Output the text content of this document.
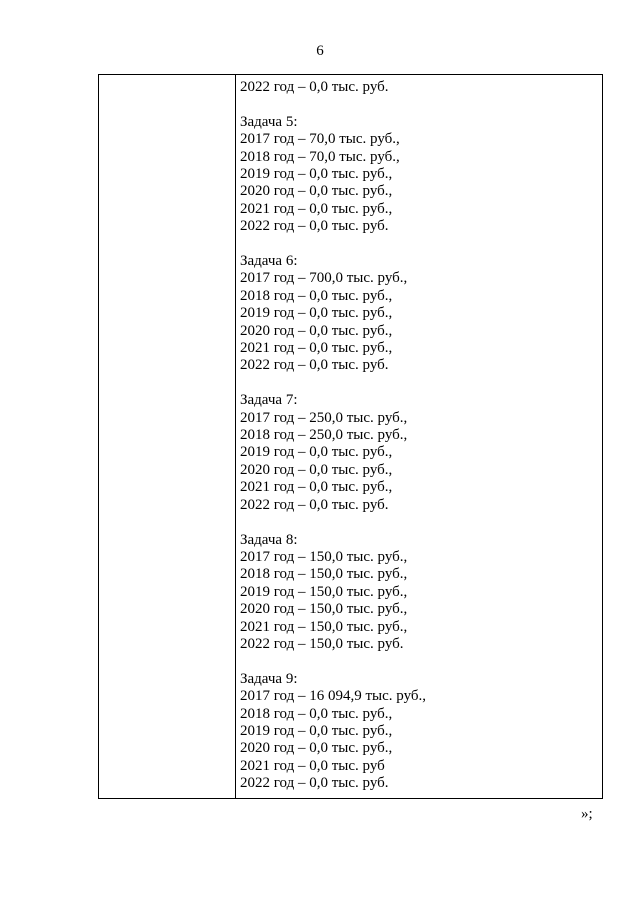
6
2022 год – 0,0 тыс. руб.
Задача 5:
2017 год – 70,0 тыс. руб.,
2018 год – 70,0 тыс. руб.,
2019 год – 0,0 тыс. руб.,
2020 год – 0,0 тыс. руб.,
2021 год – 0,0 тыс. руб.,
2022 год – 0,0 тыс. руб.
Задача 6:
2017 год – 700,0 тыс. руб.,
2018 год – 0,0 тыс. руб.,
2019 год – 0,0 тыс. руб.,
2020 год – 0,0 тыс. руб.,
2021 год – 0,0 тыс. руб.,
2022 год – 0,0 тыс. руб.
Задача 7:
2017 год – 250,0 тыс. руб.,
2018 год – 250,0 тыс. руб.,
2019 год – 0,0 тыс. руб.,
2020 год – 0,0 тыс. руб.,
2021 год – 0,0 тыс. руб.,
2022 год – 0,0 тыс. руб.
Задача 8:
2017 год – 150,0 тыс. руб.,
2018 год – 150,0 тыс. руб.,
2019 год – 150,0 тыс. руб.,
2020 год – 150,0 тыс. руб.,
2021 год – 150,0 тыс. руб.,
2022 год – 150,0 тыс. руб.
Задача 9:
2017 год – 16 094,9 тыс. руб.,
2018 год – 0,0 тыс. руб.,
2019 год – 0,0 тыс. руб.,
2020 год – 0,0 тыс. руб.,
2021 год – 0,0 тыс. руб
2022 год – 0,0 тыс. руб.
»;
